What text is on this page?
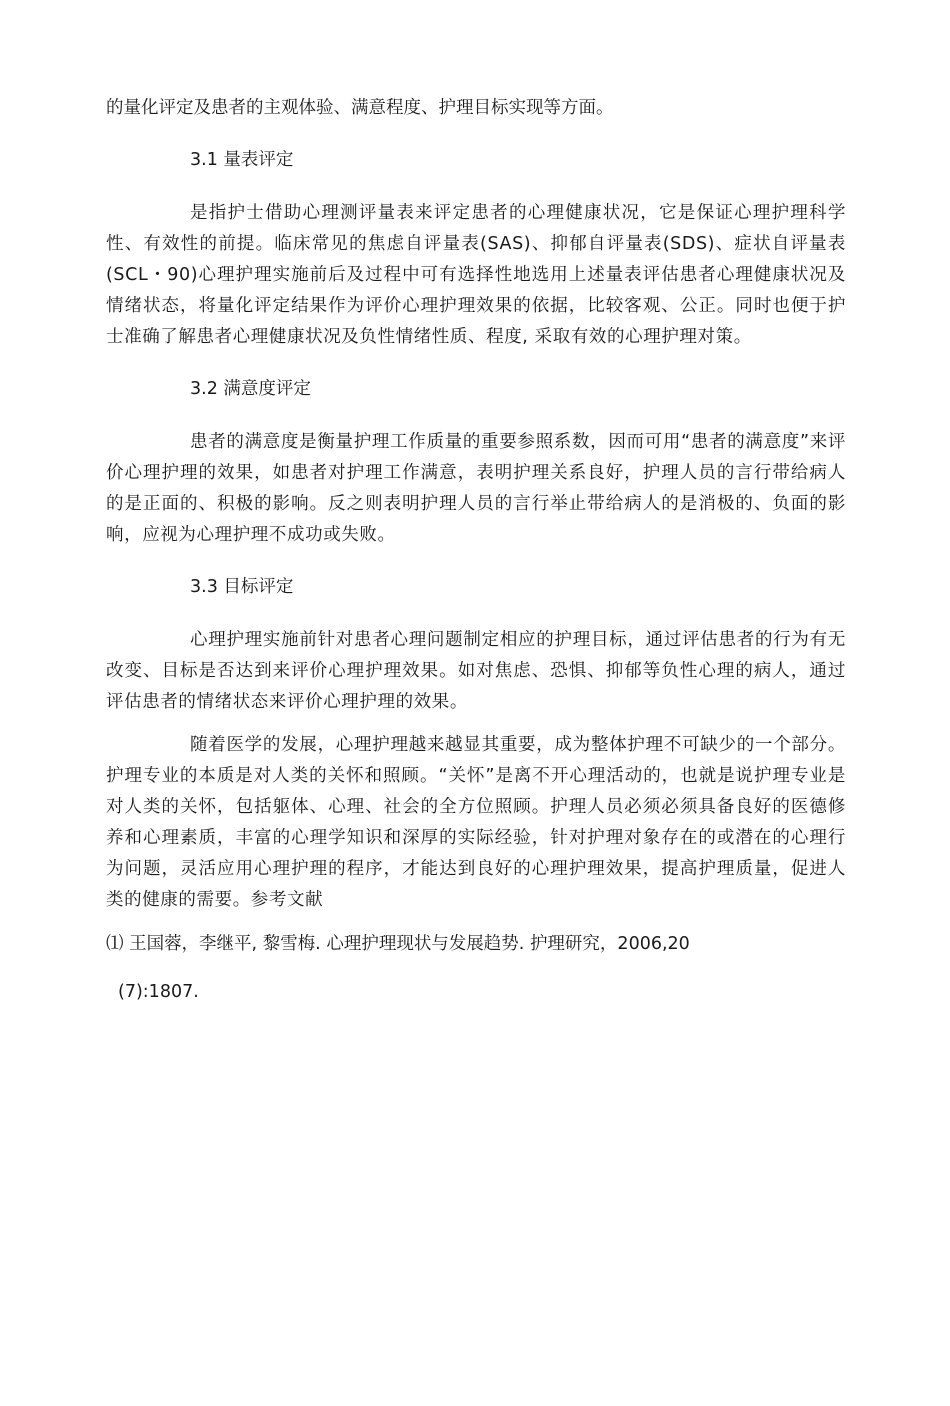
的量化评定及患者的主观体验、满意程度、护理目标实现等方面。

3.1 量表评定

是指护士借助心理测评量表来评定患者的心理健康状况，它是保证心理护理科学性、有效性的前提。临床常见的焦虑自评量表(SAS)、抑郁自评量表(SDS)、症状自评量表(SCL・90)心理护理实施前后及过程中可有选择性地选用上述量表评估患者心理健康状况及情绪状态，将量化评定结果作为评价心理护理效果的依据，比较客观、公正。同时也便于护士准确了解患者心理健康状况及负性情绪性质、程度, 采取有效的心理护理对策。

3.2 满意度评定

患者的满意度是衡量护理工作质量的重要参照系数，因而可用“患者的满意度”来评价心理护理的效果，如患者对护理工作满意，表明护理关系良好，护理人员的言行带给病人的是正面的、积极的影响。反之则表明护理人员的言行举止带给病人的是消极的、负面的影响，应视为心理护理不成功或失败。

3.3 目标评定

心理护理实施前针对患者心理问题制定相应的护理目标，通过评估患者的行为有无改变、目标是否达到来评价心理护理效果。如对焦虑、恐惧、抑郁等负性心理的病人，通过评估患者的情绪状态来评价心理护理的效果。

随着医学的发展，心理护理越来越显其重要，成为整体护理不可缺少的一个部分。护理专业的本质是对人类的关怀和照顾。“关怀”是离不开心理活动的，也就是说护理专业是对人类的关怀，包括躯体、心理、社会的全方位照顾。护理人员必须必须具备良好的医德修养和心理素质，丰富的心理学知识和深厚的实际经验，针对护理对象存在的或潜在的心理行为问题，灵活应用心理护理的程序，才能达到良好的心理护理效果，提高护理质量，促进人类的健康的需要。参考文献

⑴ 王国蓉，李继平, 黎雪梅. 心理护理现状与发展趋势. 护理研究，2006,20

(7):1807.
